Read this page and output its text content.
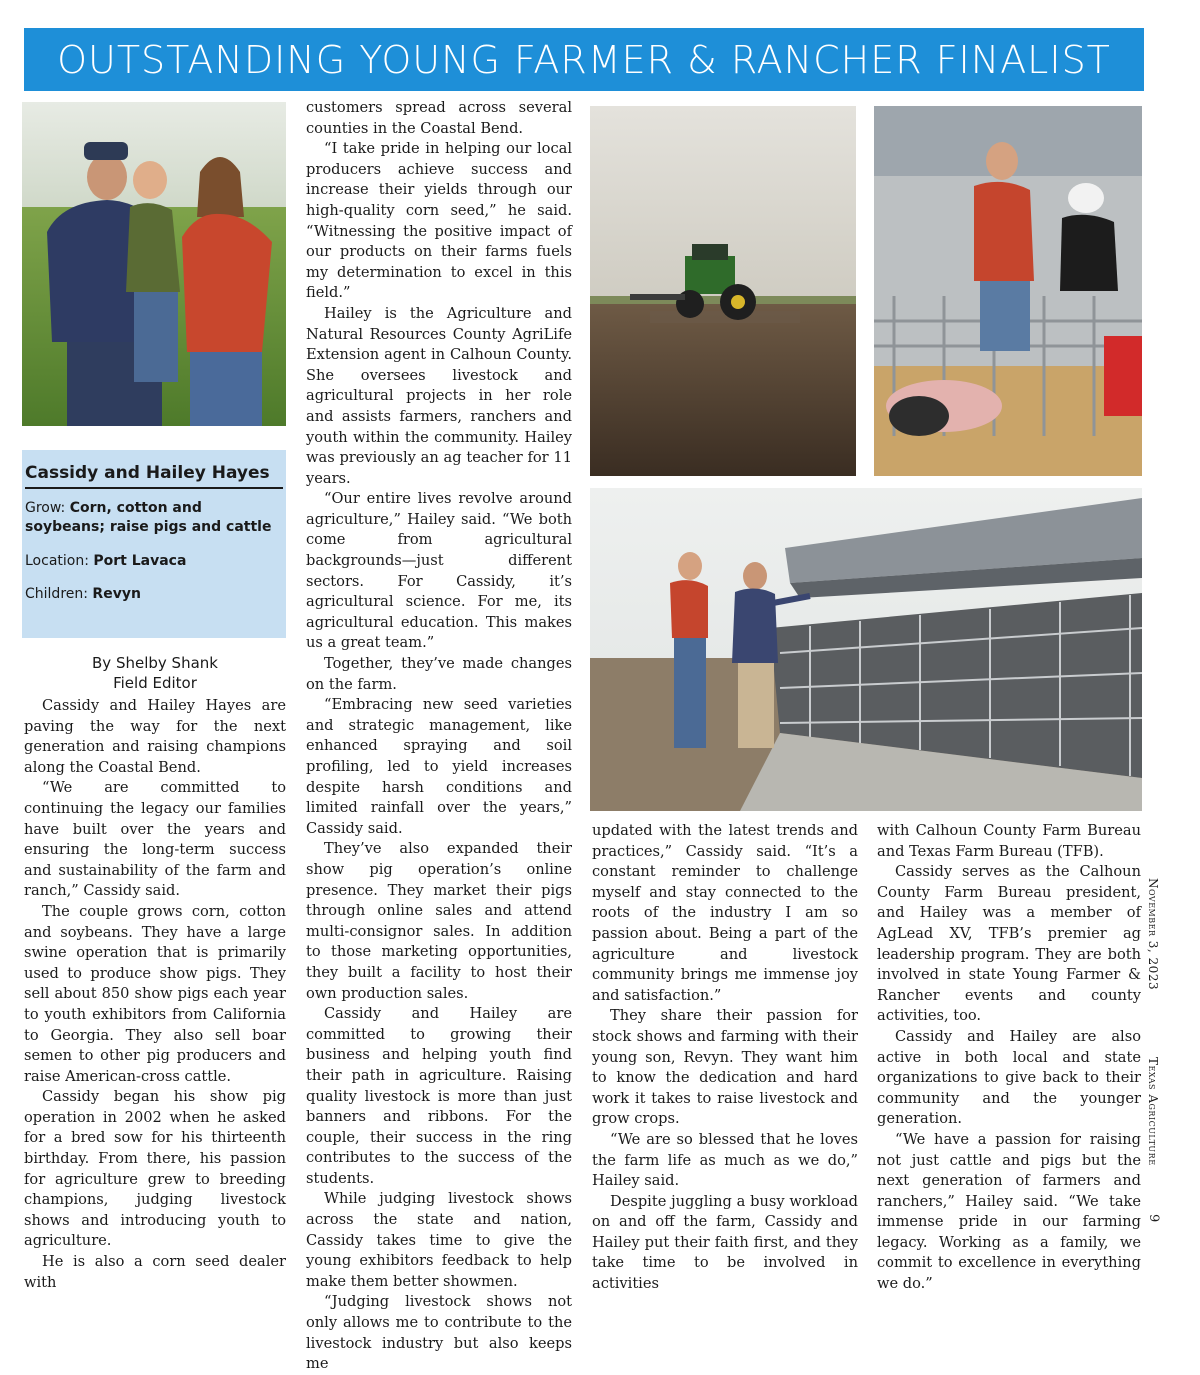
OUTSTANDING YOUNG FARMER & RANCHER FINALIST
Cassidy and Hailey Hayes
Grow: Corn, cotton and soybeans; raise pigs and cattle
Location: Port Lavaca
Children: Revyn
By Shelby Shank
Field Editor

Cassidy and Hailey Hayes are paving the way for the next generation and raising champions along the Coastal Bend.

“We are committed to continuing the legacy our families have built over the years and ensuring the long-term success and sustainability of the farm and ranch,” Cassidy said.

The couple grows corn, cotton and soybeans. They have a large swine operation that is primarily used to produce show pigs. They sell about 850 show pigs each year to youth exhibitors from California to Georgia. They also sell boar semen to other pig producers and raise American-cross cattle.

Cassidy began his show pig operation in 2002 when he asked for a bred sow for his thirteenth birthday. From there, his passion for agriculture grew to breeding champions, judging livestock shows and introducing youth to agriculture.

He is also a corn seed dealer with

customers spread across several counties in the Coastal Bend.

“I take pride in helping our local producers achieve success and increase their yields through our high-quality corn seed,” he said. “Witnessing the positive impact of our products on their farms fuels my determination to excel in this field.”

Hailey is the Agriculture and Natural Resources County AgriLife Extension agent in Calhoun County. She oversees livestock and agricultural projects in her role and assists farmers, ranchers and youth within the community. Hailey was previously an ag teacher for 11 years.

“Our entire lives revolve around agriculture,” Hailey said. “We both come from agricultural backgrounds—just different sectors. For Cassidy, it’s agricultural science. For me, its agricultural education. This makes us a great team.”

Together, they’ve made changes on the farm.

“Embracing new seed varieties and strategic management, like enhanced spraying and soil profiling, led to yield increases despite harsh conditions and limited rainfall over the years,” Cassidy said.

They’ve also expanded their show pig operation’s online presence. They market their pigs through online sales and attend multi-consignor sales. In addition to those marketing opportunities, they built a facility to host their own production sales.

Cassidy and Hailey are committed to growing their business and helping youth find their path in agriculture. Raising quality livestock is more than just banners and ribbons. For the couple, their success in the ring contributes to the success of the students.

While judging livestock shows across the state and nation, Cassidy takes time to give the young exhibitors feedback to help make them better showmen.

“Judging livestock shows not only allows me to contribute to the livestock industry but also keeps me

updated with the latest trends and practices,” Cassidy said. “It’s a constant reminder to challenge myself and stay connected to the roots of the industry I am so passion about. Being a part of the agriculture and livestock community brings me immense joy and satisfaction.”

They share their passion for stock shows and farming with their young son, Revyn. They want him to know the dedication and hard work it takes to raise livestock and grow crops.

“We are so blessed that he loves the farm life as much as we do,” Hailey said.

Despite juggling a busy workload on and off the farm, Cassidy and Hailey put their faith first, and they take time to be involved in activities

with Calhoun County Farm Bureau and Texas Farm Bureau (TFB).

Cassidy serves as the Calhoun County Farm Bureau president, and Hailey was a member of AgLead XV, TFB’s premier ag leadership program. They are both involved in state Young Farmer & Rancher events and county activities, too.

Cassidy and Hailey are also active in both local and state organizations to give back to their community and the younger generation.

“We have a passion for raising not just cattle and pigs but the next generation of farmers and ranchers,” Hailey said. “We take immense pride in our farming legacy. Working as a family, we commit to excellence in everything we do.”

November 3, 2023
Texas Agriculture
9
